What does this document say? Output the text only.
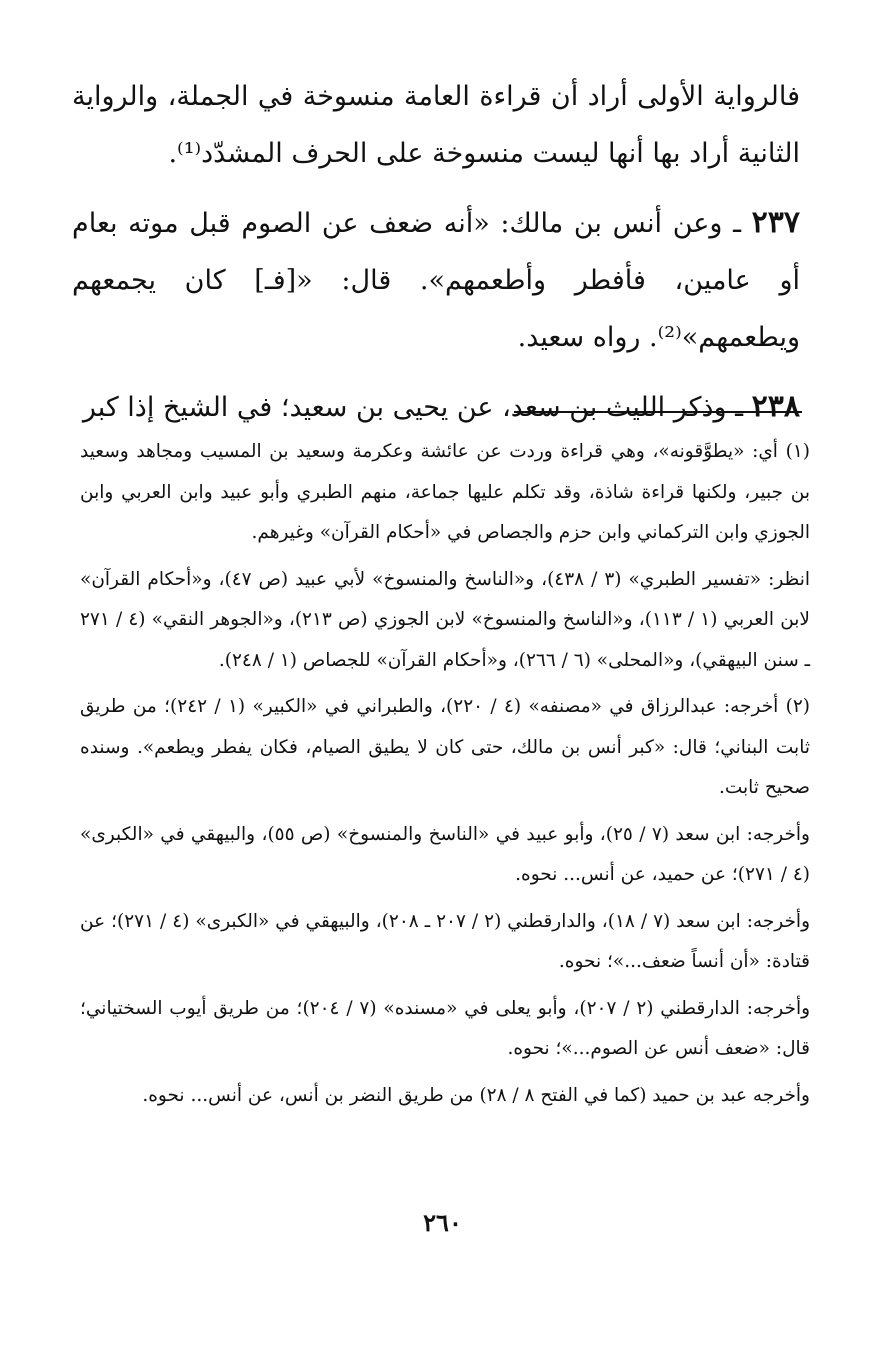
فالرواية الأولى أراد أن قراءة العامة منسوخة في الجملة، والرواية الثانية أراد بها أنها ليست منسوخة على الحرف المشدّد⁽¹⁾.

٢٣٧ ـ وعن أنس بن مالك: «أنه ضعف عن الصوم قبل موته بعام أو عامين، فأفطر وأطعمهم». قال: «[فـ] كان يجمعهم ويطعمهم»⁽²⁾. رواه سعيد.

٢٣٨ ـ وذكر الليث بن سعد، عن يحيى بن سعيد؛ في الشيخ إذا كبر

(١) أي: «يطوَّقونه»، وهي قراءة وردت عن عائشة وعكرمة وسعيد بن المسيب ومجاهد وسعيد بن جبير، ولكنها قراءة شاذة، وقد تكلم عليها جماعة، منهم الطبري وأبو عبيد وابن العربي وابن الجوزي وابن التركماني وابن حزم والجصاص في «أحكام القرآن» وغيرهم.

انظر: «تفسير الطبري» (٣ / ٤٣٨)، و«الناسخ والمنسوخ» لأبي عبيد (ص ٤٧)، و«أحكام القرآن» لابن العربي (١ / ١١٣)، و«الناسخ والمنسوخ» لابن الجوزي (ص ٢١٣)، و«الجوهر النقي» (٤ / ٢٧١ ـ سنن البيهقي)، و«المحلى» (٦ / ٢٦٦)، و«أحكام القرآن» للجصاص (١ / ٢٤٨).

(٢) أخرجه: عبدالرزاق في «مصنفه» (٤ / ٢٢٠)، والطبراني في «الكبير» (١ / ٢٤٢)؛ من طريق ثابت البناني؛ قال: «كبر أنس بن مالك، حتى كان لا يطيق الصيام، فكان يفطر ويطعم». وسنده صحيح ثابت.

وأخرجه: ابن سعد (٧ / ٢٥)، وأبو عبيد في «الناسخ والمنسوخ» (ص ٥٥)، والبيهقي في «الكبرى» (٤ / ٢٧١)؛ عن حميد، عن أنس... نحوه.

وأخرجه: ابن سعد (٧ / ١٨)، والدارقطني (٢ / ٢٠٧ ـ ٢٠٨)، والبيهقي في «الكبرى» (٤ / ٢٧١)؛ عن قتادة: «أن أنساً ضعف...»؛ نحوه.

وأخرجه: الدارقطني (٢ / ٢٠٧)، وأبو يعلى في «مسنده» (٧ / ٢٠٤)؛ من طريق أيوب السختياني؛ قال: «ضعف أنس عن الصوم...»؛ نحوه.

وأخرجه عبد بن حميد (كما في الفتح ٨ / ٢٨) من طريق النضر بن أنس، عن أنس... نحوه.

٢٦٠
